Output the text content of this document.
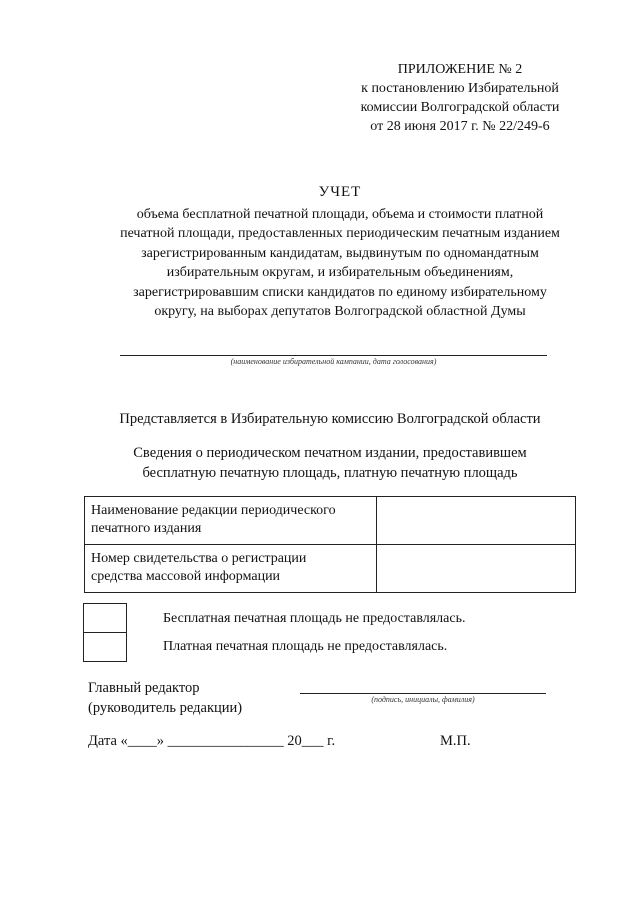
ПРИЛОЖЕНИЕ № 2
к постановлению Избирательной
комиссии Волгоградской области
от 28 июня 2017 г. № 22/249-6
УЧЕТ
объема бесплатной печатной площади, объема и стоимости платной
печатной площади, предоставленных периодическим печатным изданием
зарегистрированным кандидатам, выдвинутым по одномандатным
избирательным округам, и избирательным объединениям,
зарегистрировавшим списки кандидатов по единому избирательному
округу, на выборах депутатов Волгоградской областной Думы
(наименование избирательной кампании, дата голосования)
Представляется в Избирательную комиссию Волгоградской области
Сведения о периодическом печатном издании, предоставившем
бесплатную печатную площадь, платную печатную площадь
Наименование редакции периодического
печатного издания	

Номер свидетельства о регистрации
средства массовой информации	

Бесплатная печатная площадь не предоставлялась.
Платная печатная площадь не предоставлялась.
Главный редактор
(руководитель редакции)
(подпись, инициалы, фамилия)
Дата «____» ________________ 20___ г.	М.П.
